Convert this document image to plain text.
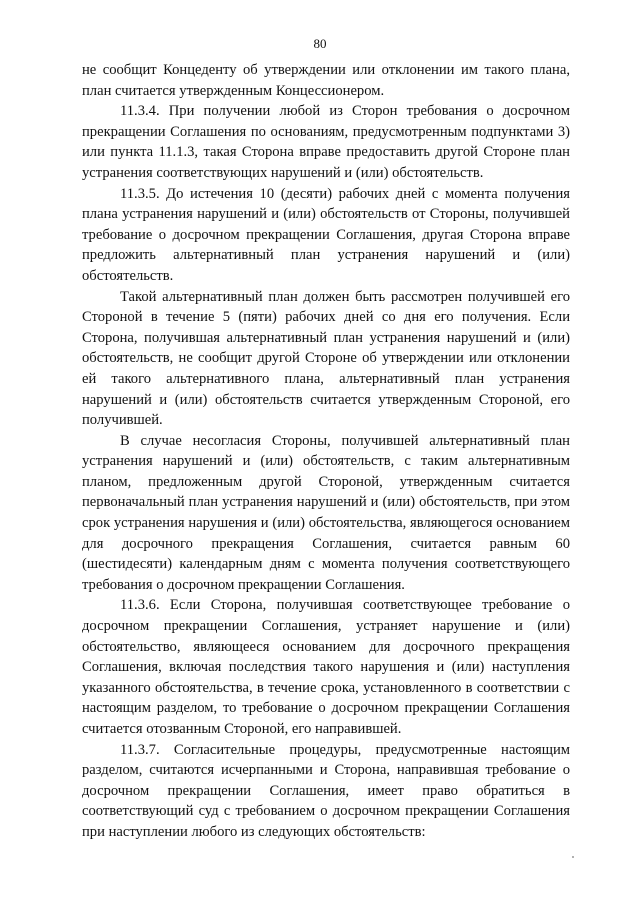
80

не сообщит Концеденту об утверждении или отклонении им такого плана, план считается утвержденным Концессионером.

11.3.4. При получении любой из Сторон требования о досрочном прекращении Соглашения по основаниям, предусмотренным подпунктами 3) или пункта 11.1.3, такая Сторона вправе предоставить другой Стороне план устранения соответствующих нарушений и (или) обстоятельств.

11.3.5. До истечения 10 (десяти) рабочих дней с момента получения плана устранения нарушений и (или) обстоятельств от Стороны, получившей требование о досрочном прекращении Соглашения, другая Сторона вправе предложить альтернативный план устранения нарушений и (или) обстоятельств.

Такой альтернативный план должен быть рассмотрен получившей его Стороной в течение 5 (пяти) рабочих дней со дня его получения. Если Сторона, получившая альтернативный план устранения нарушений и (или) обстоятельств, не сообщит другой Стороне об утверждении или отклонении ей такого альтернативного плана, альтернативный план устранения нарушений и (или) обстоятельств считается утвержденным Стороной, его получившей.

В случае несогласия Стороны, получившей альтернативный план устранения нарушений и (или) обстоятельств, с таким альтернативным планом, предложенным другой Стороной, утвержденным считается первоначальный план устранения нарушений и (или) обстоятельств, при этом срок устранения нарушения и (или) обстоятельства, являющегося основанием для досрочного прекращения Соглашения, считается равным 60 (шестидесяти) календарным дням с момента получения соответствующего требования о досрочном прекращении Соглашения.

11.3.6. Если Сторона, получившая соответствующее требование о досрочном прекращении Соглашения, устраняет нарушение и (или) обстоятельство, являющееся основанием для досрочного прекращения Соглашения, включая последствия такого нарушения и (или) наступления указанного обстоятельства, в течение срока, установленного в соответствии с настоящим разделом, то требование о досрочном прекращении Соглашения считается отозванным Стороной, его направившей.

11.3.7. Согласительные процедуры, предусмотренные настоящим разделом, считаются исчерпанными и Сторона, направившая требование о досрочном прекращении Соглашения, имеет право обратиться в соответствующий суд с требованием о досрочном прекращении Соглашения при наступлении любого из следующих обстоятельств:
